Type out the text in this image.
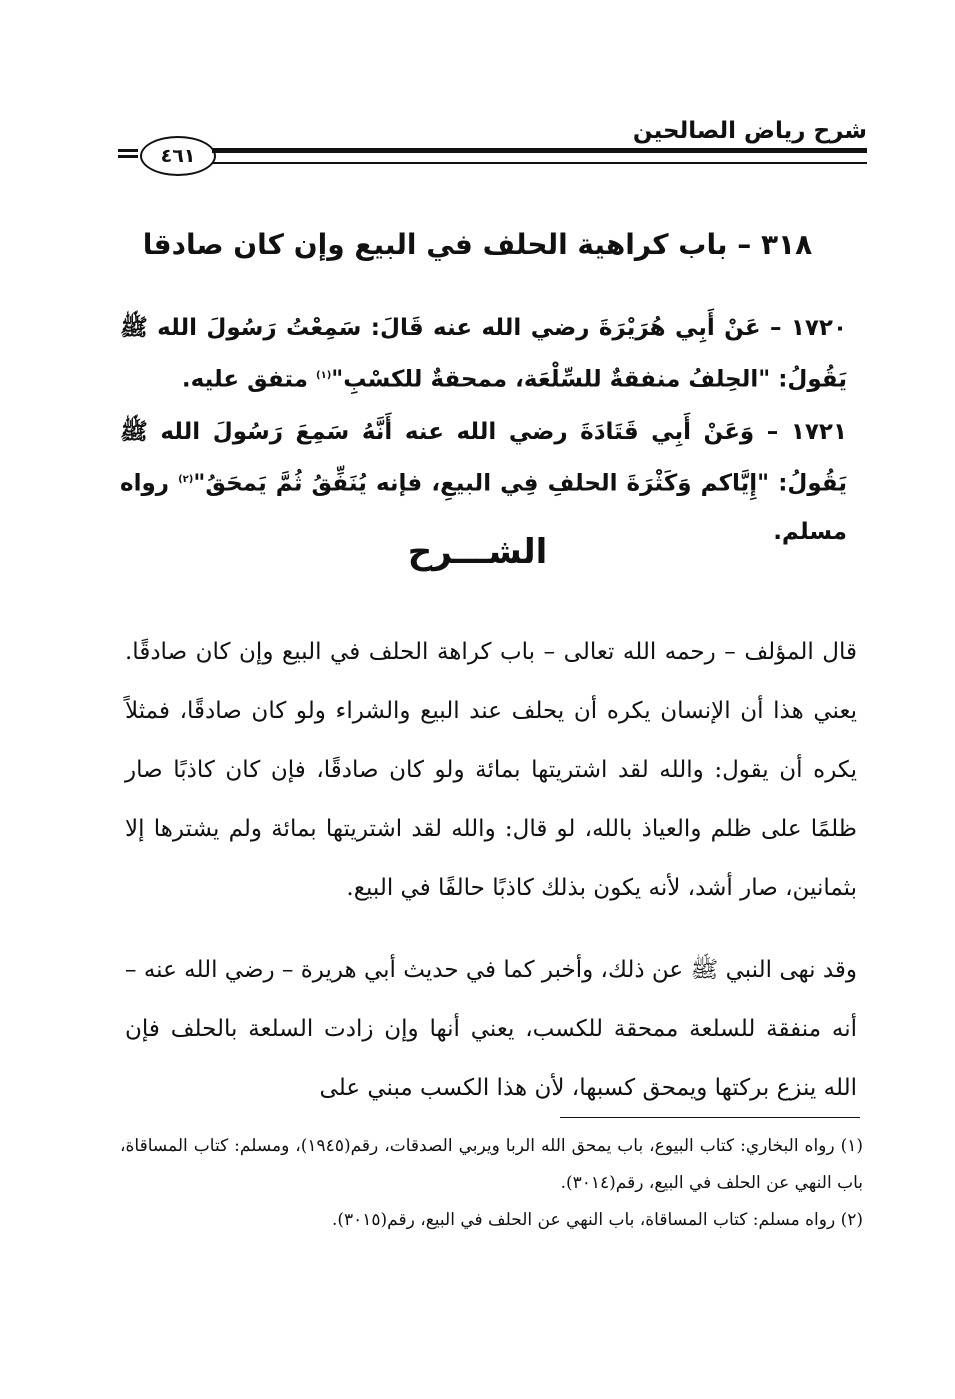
شرح رياض الصالحين
٤٦١
٣١٨ – باب كراهية الحلف في البيع وإن كان صادقا
١٧٢٠ – عَنْ أَبِي هُرَيْرَةَ رضي الله عنه قَالَ: سَمِعْتُ رَسُولَ الله ﷺ يَقُولُ: "الحِلفُ منفقةٌ للسِّلْعَة، ممحقةٌ للكسْبِ"$^{(١)}$ متفق عليه.
١٧٢١ – وَعَنْ أَبِي قَتَادَةَ رضي الله عنه أَنَّهُ سَمِعَ رَسُولَ الله ﷺ يَقُولُ: "إِيَّاكم وَكَثْرَةَ الحلفِ فِي البيعِ، فإنه يُنَفِّقُ ثُمَّ يَمحَقُ"$^{(٢)}$ رواه مسلم.
الشـــرح

قال المؤلف – رحمه الله تعالى – باب كراهة الحلف في البيع وإن كان صادقًا. يعني هذا أن الإنسان يكره أن يحلف عند البيع والشراء ولو كان صادقًا، فمثلاً يكره أن يقول: والله لقد اشتريتها بمائة ولو كان صادقًا، فإن كان كاذبًا صار ظلمًا على ظلم والعياذ بالله، لو قال: والله لقد اشتريتها بمائة ولم يشترها إلا بثمانين، صار أشد، لأنه يكون بذلك كاذبًا حالفًا في البيع.

وقد نهى النبي ﷺ عن ذلك، وأخبر كما في حديث أبي هريرة – رضي الله عنه – أنه منفقة للسلعة ممحقة للكسب، يعني أنها وإن زادت السلعة بالحلف فإن الله ينزع بركتها ويمحق كسبها، لأن هذا الكسب مبني على

(١) رواه البخاري: كتاب البيوع، باب يمحق الله الربا ويربي الصدقات، رقم(١٩٤٥)، ومسلم: كتاب المساقاة، باب النهي عن الحلف في البيع، رقم(٣٠١٤).

(٢) رواه مسلم: كتاب المساقاة، باب النهي عن الحلف في البيع، رقم(٣٠١٥).
